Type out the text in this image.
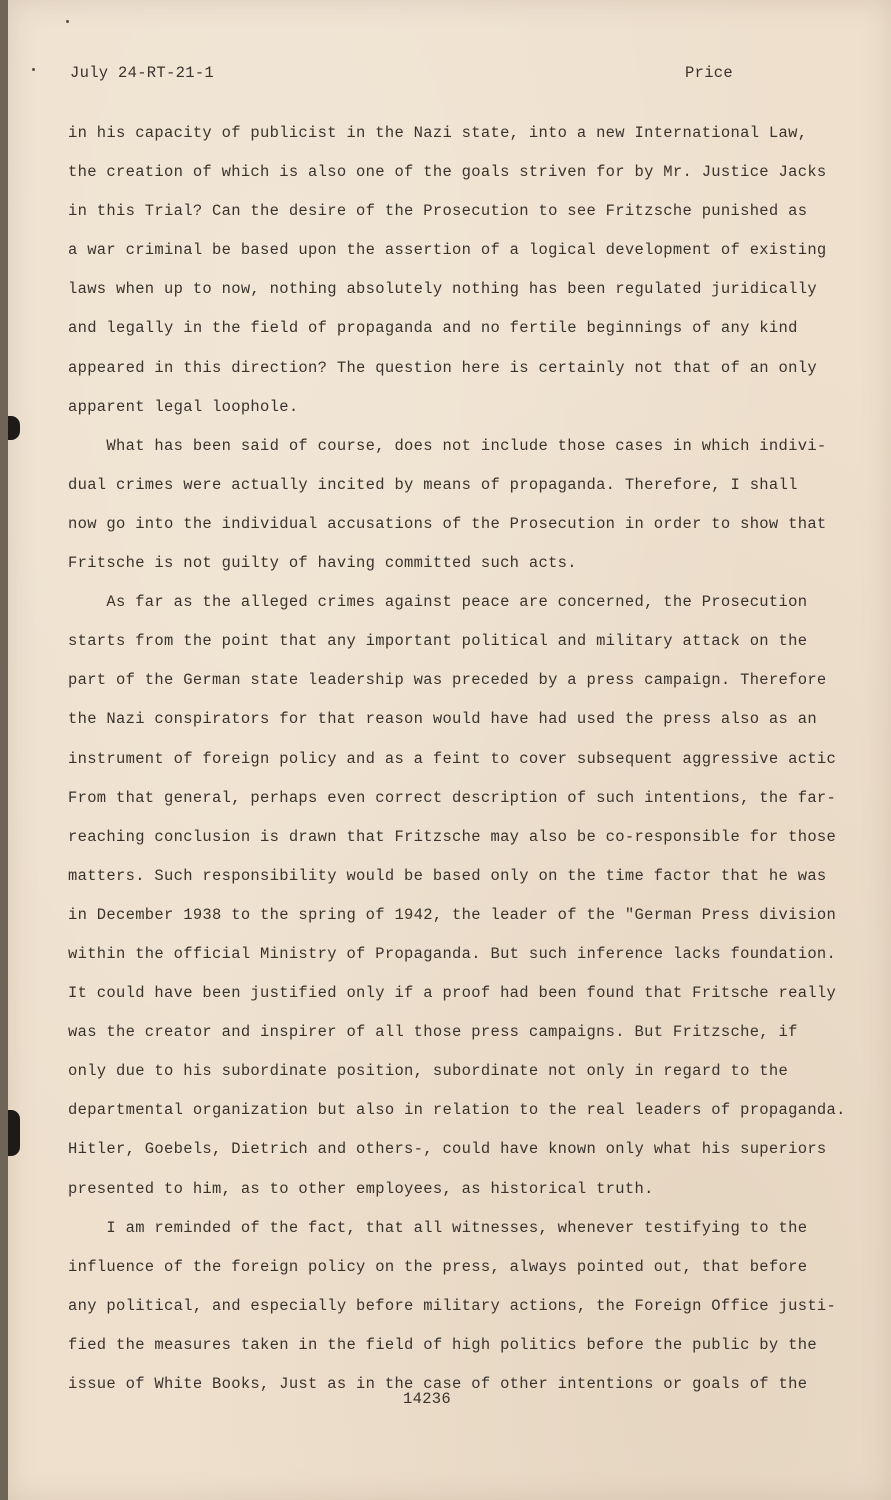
July 24-RT-21-1	Price
in his capacity of publicist in the Nazi state, into a new International Law,
the creation of which is also one of the goals striven for by Mr. Justice Jacks
in this Trial? Can the desire of the Prosecution to see Fritzsche punished as
a war criminal be based upon the assertion of a logical development of existing
laws when up to now, nothing absolutely nothing has been regulated juridically
and legally in the field of propaganda and no fertile beginnings of any kind
appeared in this direction? The question here is certainly not that of an only
apparent legal loophole.
What has been said of course, does not include those cases in which indivi-
dual crimes were actually incited by means of propaganda. Therefore, I shall
now go into the individual accusations of the Prosecution in order to show that
Fritsche is not guilty of having committed such acts.
As far as the alleged crimes against peace are concerned, the Prosecution
starts from the point that any important political and military attack on the
part of the German state leadership was preceded by a press campaign. Therefore
the Nazi conspirators for that reason would have had used the press also as an
instrument of foreign policy and as a feint to cover subsequent aggressive actic
From that general, perhaps even correct description of such intentions, the far-
reaching conclusion is drawn that Fritzsche may also be co-responsible for those
matters. Such responsibility would be based only on the time factor that he was
in December 1938 to the spring of 1942, the leader of the "German Press division
within the official Ministry of Propaganda. But such inference lacks foundation.
It could have been justified only if a proof had been found that Fritsche really
was the creator and inspirer of all those press campaigns. But Fritzsche, if
only due to his subordinate position, subordinate not only in regard to the
departmental organization but also in relation to the real leaders of propaganda.
Hitler, Goebels, Dietrich and others-, could have known only what his superiors
presented to him, as to other employees, as historical truth.
I am reminded of the fact, that all witnesses, whenever testifying to the
influence of the foreign policy on the press, always pointed out, that before
any political, and especially before military actions, the Foreign Office justi-
fied the measures taken in the field of high politics before the public by the
issue of White Books, Just as in the case of other intentions or goals of the
14236
